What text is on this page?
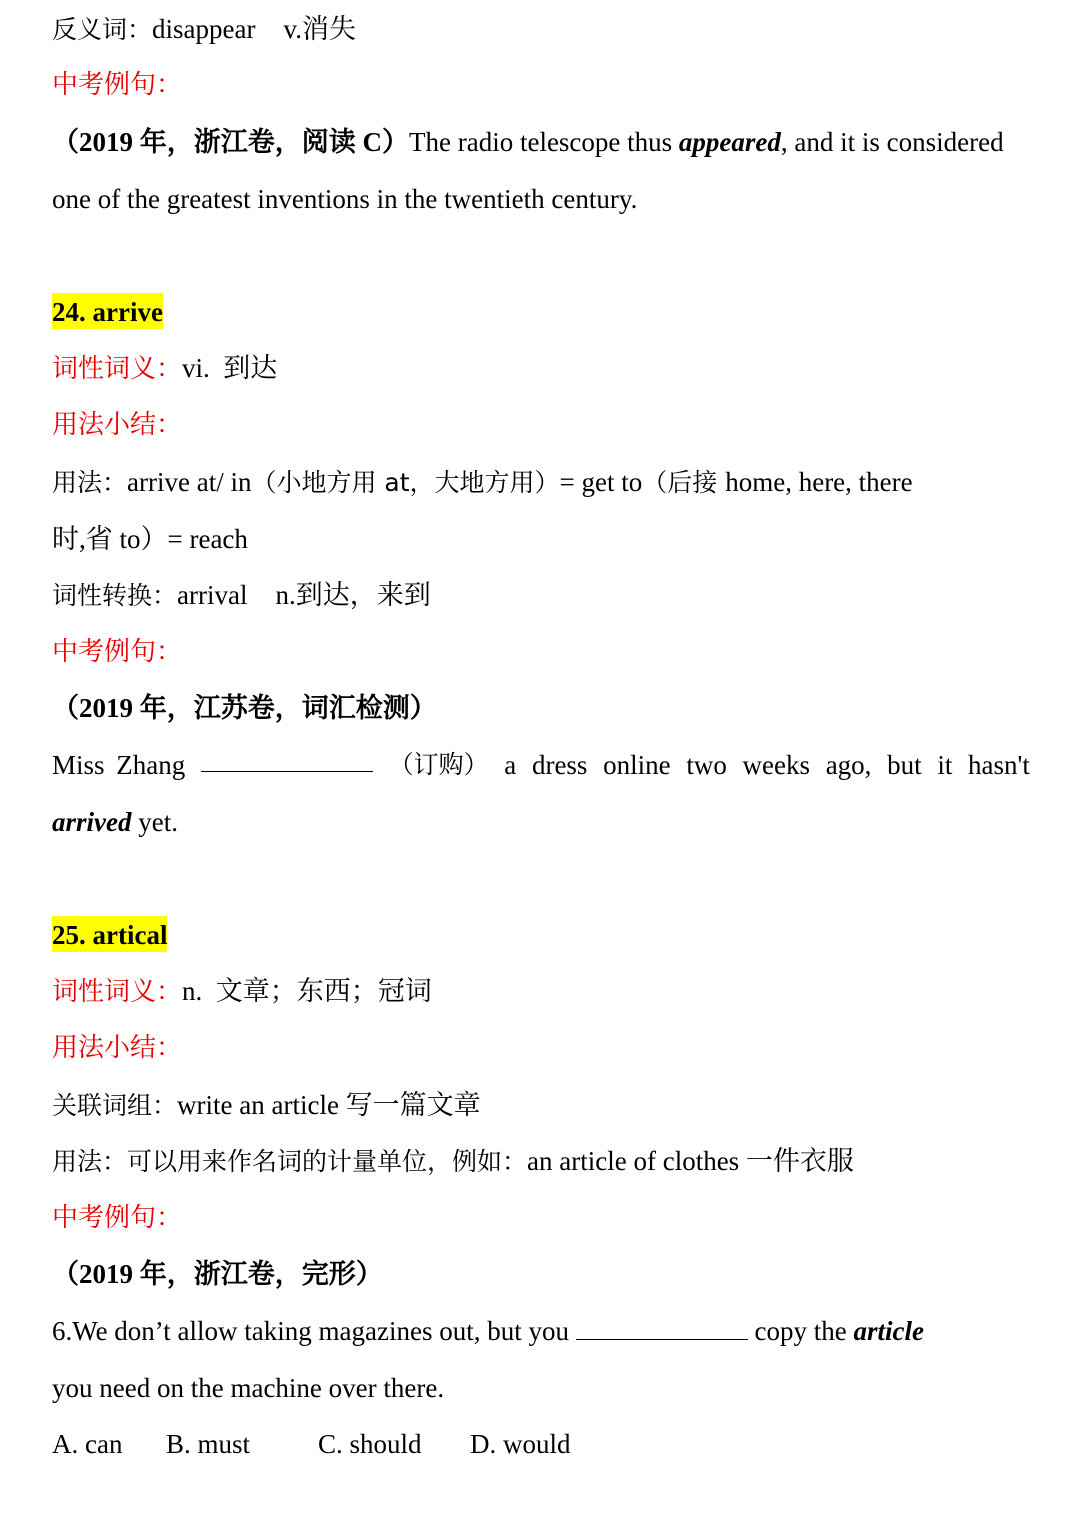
反义词：disappear v.消失
中考例句：
（2019 年，浙江卷，阅读 C）The radio telescope thus appeared, and it is considered
one of the greatest inventions in the twentieth century.
24. arrive
词性词义：vi.  到达
用法小结：
用法：arrive at/ in（小地方用 at，大地方用）= get to（后接 home, here, there
时,省 to）= reach
词性转换：arrival n.到达，来到
中考例句：
（2019 年，江苏卷，词汇检测）
Miss Zhang	（订购） a dress online two weeks ago, but it hasn't
arrived yet.
25. artical
词性词义：n.  文章；东西；冠词
用法小结：
关联词组：write an article 写一篇文章
用法：可以用来作名词的计量单位，例如：an article of clothes 一件衣服
中考例句：
（2019 年，浙江卷，完形）
6.We don’t allow taking magazines out, but you	copy the article
you need on the machine over there.
A. can B. must	C. should D. would
